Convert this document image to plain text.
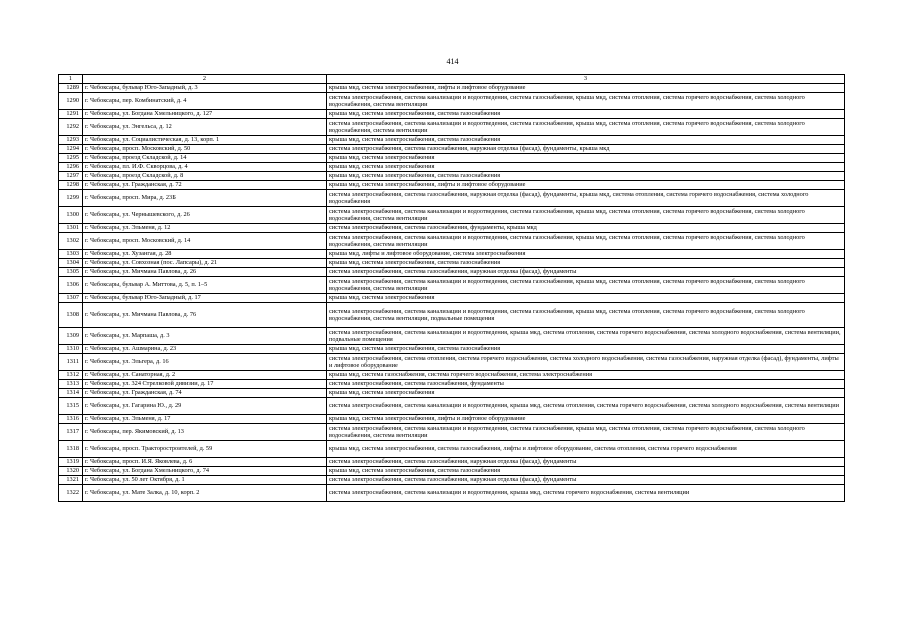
414
1	2	3
1289	г. Чебоксары, бульвар Юго-Западный, д. 3	крыша мкд, система электроснабжения, лифты и лифтовое оборудование
1290	г. Чебоксары, пер. Комбинатский, д. 4	система электроснабжения, система канализации и водоотведения, система газоснабжения, крыша мкд, система отопления, система горячего водоснабжения, система холодного водоснабжения, система вентиляции
1291	г. Чебоксары, ул. Богдана Хмельницкого, д. 127	крыша мкд, система электроснабжения, система газоснабжения
1292	г. Чебоксары, ул. Энгельса, д. 12	система электроснабжения, система канализации и водоотведения, система газоснабжения, крыша мкд, система отопления, система горячего водоснабжения, система холодного водоснабжения, система вентиляции
1293	г. Чебоксары, ул. Социалистическая, д. 13, корп. 1	крыша мкд, система электроснабжения, система газоснабжения
1294	г. Чебоксары, просп. Московский, д. 50	система электроснабжения, система газоснабжения, наружная отделка (фасад), фундаменты, крыша мкд
1295	г. Чебоксары, проезд Складской, д. 14	крыша мкд, система электроснабжения
1296	г. Чебоксары, пл. И.Ф. Скворцова, д. 4	крыша мкд, система электроснабжения
1297	г. Чебоксары, проезд Складской, д. 8	крыша мкд, система электроснабжения, система газоснабжения
1298	г. Чебоксары, ул. Гражданская, д. 72	крыша мкд, система электроснабжения, лифты и лифтовое оборудование
1299	г. Чебоксары, просп. Мира, д. 23Б	система электроснабжения, система газоснабжения, наружная отделка (фасад), фундаменты, крыша мкд, система отопления, система горячего водоснабжения, система холодного водоснабжения
1300	г. Чебоксары, ул. Чернышевского, д. 26	система электроснабжения, система канализации и водоотведения, система газоснабжения, крыша мкд, система отопления, система горячего водоснабжения, система холодного водоснабжения, система вентиляции
1301	г. Чебоксары, ул. Эльменя, д. 12	система электроснабжения, система газоснабжения, фундаменты, крыша мкд
1302	г. Чебоксары, просп. Московский, д. 14	система электроснабжения, система канализации и водоотведения, система газоснабжения, крыша мкд, система отопления, система горячего водоснабжения, система холодного водоснабжения, система вентиляции
1303	г. Чебоксары, ул. Хузангая, д. 28	крыша мкд, лифты и лифтовое оборудование, система электроснабжения
1304	г. Чебоксары, ул. Совхозная (пос. Лапсары), д. 21	крыша мкд, система электроснабжения, система газоснабжения
1305	г. Чебоксары, ул. Мичмана Павлова, д. 26	система электроснабжения, система газоснабжения, наружная отделка (фасад), фундаменты
1306	г. Чебоксары, бульвар А. Миттова, д. 5, п. 1–5	система электроснабжения, система канализации и водоотведения, система газоснабжения, крыша мкд, система отопления, система горячего водоснабжения, система холодного водоснабжения, система вентиляции
1307	г. Чебоксары, бульвар Юго-Западный, д. 17	крыша мкд, система электроснабжения
1308	г. Чебоксары, ул. Мичмана Павлова, д. 76	система электроснабжения, система канализации и водоотведения, система газоснабжения, крыша мкд, система отопления, система горячего водоснабжения, система холодного водоснабжения, система вентиляции, подвальные помещения
1309	г. Чебоксары, ул. Марпаша, д. 3	система электроснабжения, система канализации и водоотведения, крыша мкд, система отопления, система горячего водоснабжения, система холодного водоснабжения, система вентиляции, подвальные помещения
1310	г. Чебоксары, ул. Ашмарина, д. 23	крыша мкд, система электроснабжения, система газоснабжения
1311	г. Чебоксары, ул. Эльгера, д. 16	система электроснабжения, система отопления, система горячего водоснабжения, система холодного водоснабжения, система газоснабжения, наружная отделка (фасад), фундаменты, лифты и лифтовое оборудование
1312	г. Чебоксары, ул. Санаторная, д. 2	крыша мкд, система газоснабжения, система горячего водоснабжения, система электроснабжения
1313	г. Чебоксары, ул. 324 Стрелковой дивизии, д. 17	система электроснабжения, система газоснабжения, фундаменты
1314	г. Чебоксары, ул. Гражданская, д. 74	крыша мкд, система электроснабжения
1315	г. Чебоксары, ул. Гагарина Ю., д. 29	система электроснабжения, система канализации и водоотведения, крыша мкд, система отопления, система горячего водоснабжения, система холодного водоснабжения, система вентиляции
1316	г. Чебоксары, ул. Эльменя, д. 17	крыша мкд, система электроснабжения, лифты и лифтовое оборудование
1317	г. Чебоксары, пер. Якимовский, д. 13	система электроснабжения, система канализации и водоотведения, система газоснабжения, крыша мкд, система отопления, система горячего водоснабжения, система холодного водоснабжения, система вентиляции
1318	г. Чебоксары, просп. Тракторостроителей, д. 59	крыша мкд, система электроснабжения, система газоснабжения, лифты и лифтовое оборудование, система отопления, система горячего водоснабжения
1319	г. Чебоксары, просп. И.Я. Яковлева, д. 6	система электроснабжения, система газоснабжения, наружная отделка (фасад), фундаменты
1320	г. Чебоксары, ул. Богдана Хмельницкого, д. 74	крыша мкд, система электроснабжения, система газоснабжения
1321	г. Чебоксары, ул. 50 лет Октября, д. 1	система электроснабжения, система газоснабжения, наружная отделка (фасад), фундаменты
1322	г. Чебоксары, ул. Мате Залка, д. 10, корп. 2	система электроснабжения, система канализации и водоотведения, крыша мкд, система горячего водоснабжения, система вентиляции
